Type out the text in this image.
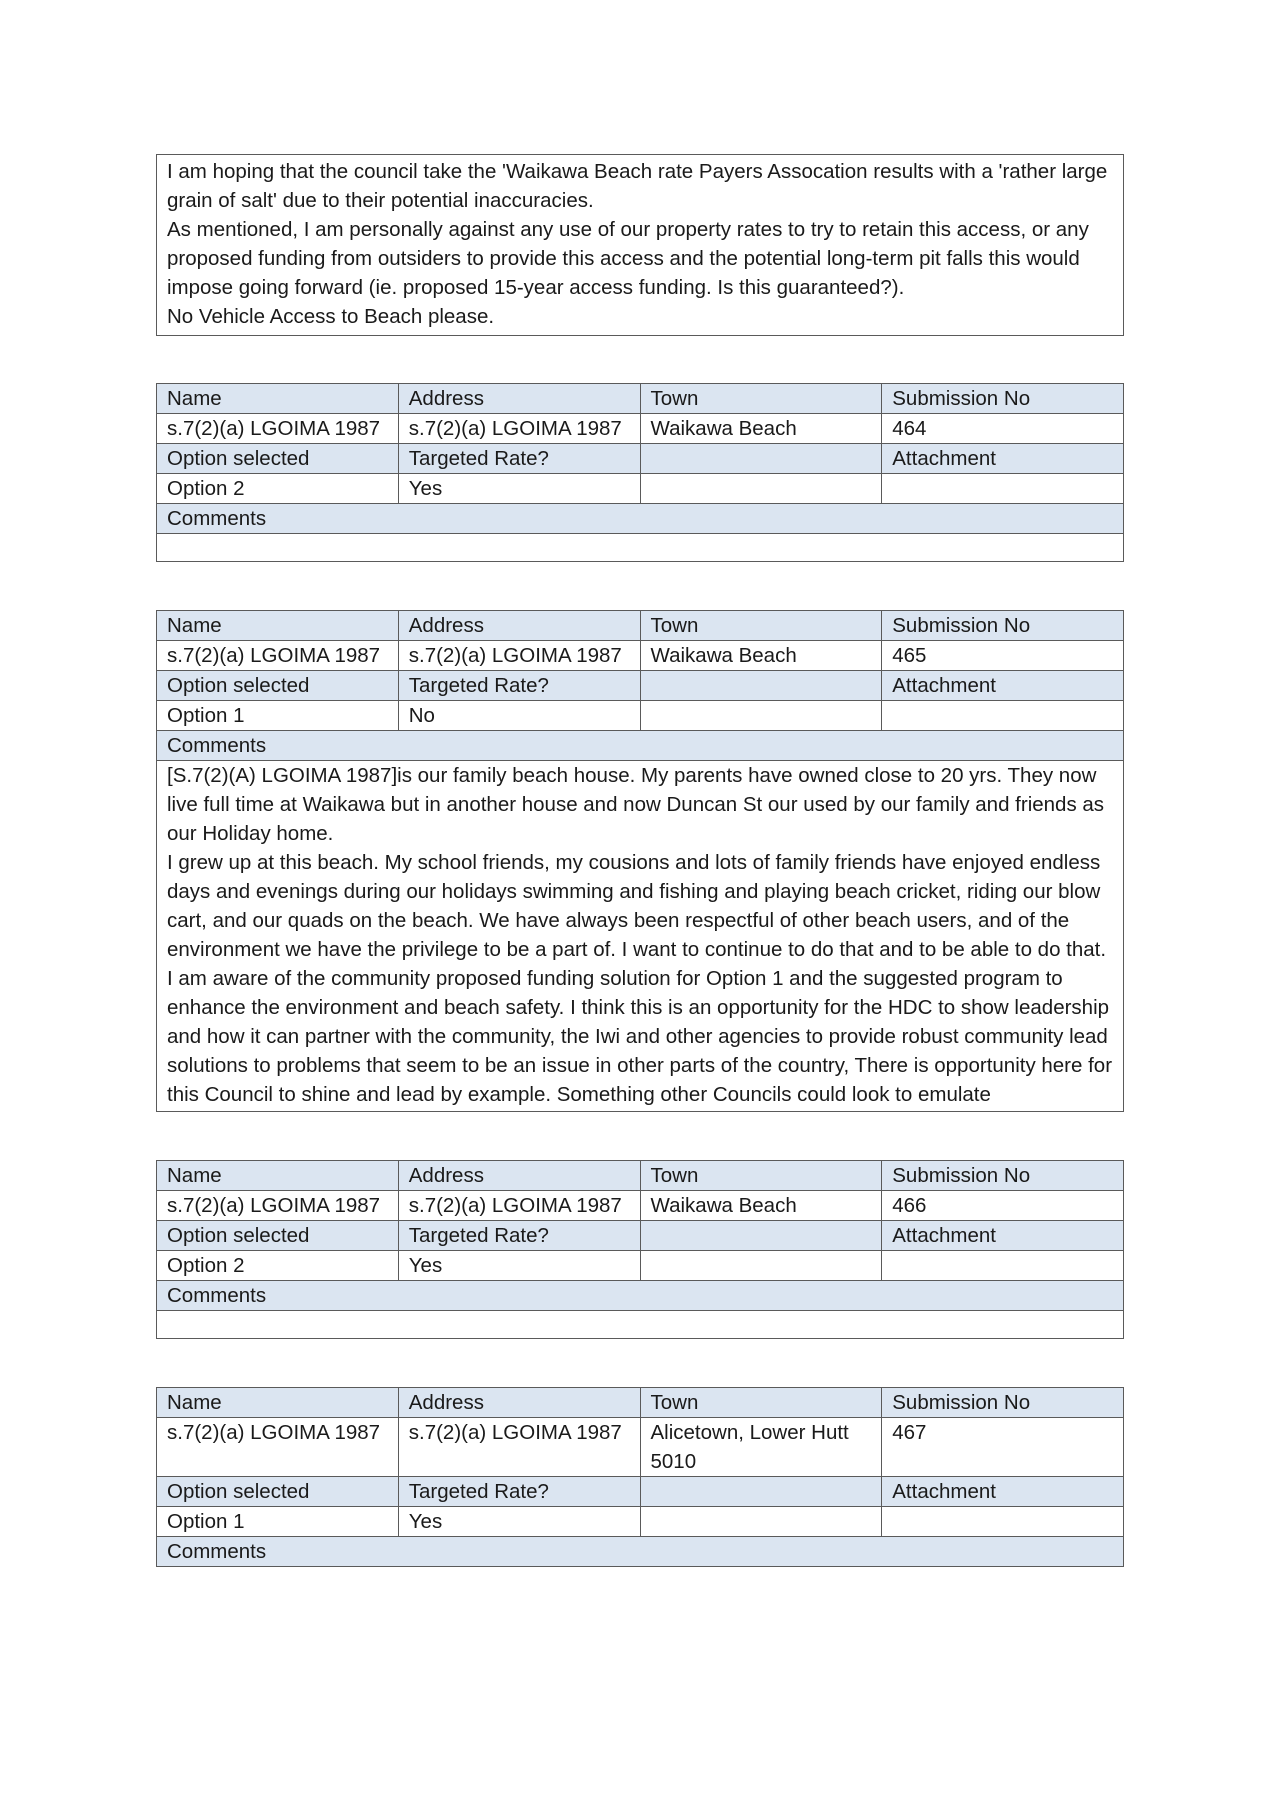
I am hoping that the council take the 'Waikawa Beach rate Payers Assocation results with a 'rather large grain of salt' due to their potential inaccuracies.

As mentioned, I am personally against any use of our property rates to try to retain this access, or any proposed funding from outsiders to provide this access and the potential long-term pit falls this would impose going forward (ie. proposed 15-year access funding. Is this guaranteed?).

No Vehicle Access to Beach please.

Name	Address	Town	Submission No
s.7(2)(a) LGOIMA 1987	s.7(2)(a) LGOIMA 1987	Waikawa Beach	464
Option selected	Targeted Rate?		Attachment
Option 2	Yes		
Comments			

Name	Address	Town	Submission No
s.7(2)(a) LGOIMA 1987	s.7(2)(a) LGOIMA 1987	Waikawa Beach	465
Option selected	Targeted Rate?		Attachment
Option 1	No		
Comments			

[S.7(2)(A) LGOIMA 1987]is our family beach house. My parents have owned close to 20 yrs. They now live full time at Waikawa but in another house and now Duncan St our used by our family and friends as our Holiday home.

I grew up at this beach. My school friends, my cousions and lots of family friends have enjoyed endless days and evenings during our holidays swimming and fishing and playing beach cricket, riding our blow cart, and our quads on the beach. We have always been respectful of other beach users, and of the environment we have the privilege to be a part of. I want to continue to do that and to be able to do that.

I am aware of the community proposed funding solution for Option 1 and the suggested program to enhance the environment and beach safety. I think this is an opportunity for the HDC to show leadership and how it can partner with the community, the Iwi and other agencies to provide robust community lead solutions to problems that seem to be an issue in other parts of the country, There is opportunity here for this Council to shine and lead by example. Something other Councils could look to emulate			

Name	Address	Town	Submission No
s.7(2)(a) LGOIMA 1987	s.7(2)(a) LGOIMA 1987	Waikawa Beach	466
Option selected	Targeted Rate?		Attachment
Option 2	Yes		
Comments			

Name	Address	Town	Submission No
s.7(2)(a) LGOIMA 1987	s.7(2)(a) LGOIMA 1987	Alicetown, Lower Hutt 5010	467
Option selected	Targeted Rate?		Attachment
Option 1	Yes		
Comments			
